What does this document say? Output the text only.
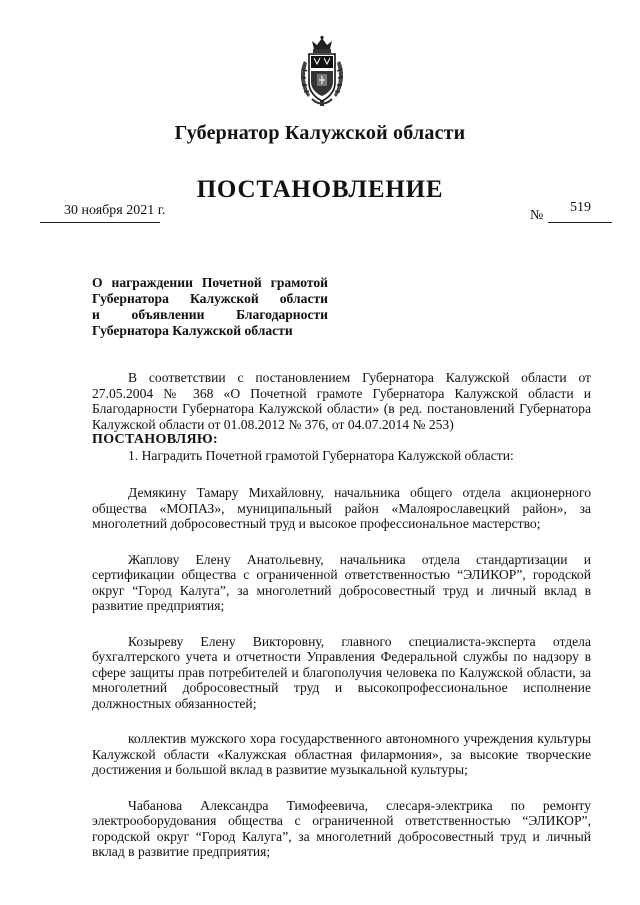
Губернатор Калужской области
ПОСТАНОВЛЕНИЕ
30 ноября 2021 г.	№
519
О награждении Почетной грамотой
Губернатора Калужской области
и объявлении Благодарности
Губернатора Калужской области

В соответствии с постановлением Губернатора Калужской области от 27.05.2004 № 368 «О Почетной грамоте Губернатора Калужской области и Благодарности Губернатора Калужской области» (в ред. постановлений Губернатора Калужской области от 01.08.2012 № 376, от 04.07.2014 № 253)

ПОСТАНОВЛЯЮ:

1. Наградить Почетной грамотой Губернатора Калужской области:

Демякину Тамару Михайловну, начальника общего отдела акционерного общества «МОПАЗ», муниципальный район «Малоярославецкий район», за многолетний добросовестный труд и высокое профессиональное мастерство;

Жаплову Елену Анатольевну, начальника отдела стандартизации и сертификации общества с ограниченной ответственностью “ЭЛИКОР”, городской округ “Город Калуга”, за многолетний добросовестный труд и личный вклад в развитие предприятия;

Козыреву Елену Викторовну, главного специалиста-эксперта отдела бухгалтерского учета и отчетности Управления Федеральной службы по надзору в сфере защиты прав потребителей и благополучия человека по Калужской области, за многолетний добросовестный труд и высокопрофессиональное исполнение должностных обязанностей;

коллектив мужского хора государственного автономного учреждения культуры Калужской области «Калужская областная филармония», за высокие творческие достижения и большой вклад в развитие музыкальной культуры;

Чабанова Александра Тимофеевича, слесаря-электрика по ремонту электрооборудования общества с ограниченной ответственностью “ЭЛИКОР”, городской округ “Город Калуга”, за многолетний добросовестный труд и личный вклад в развитие предприятия;
